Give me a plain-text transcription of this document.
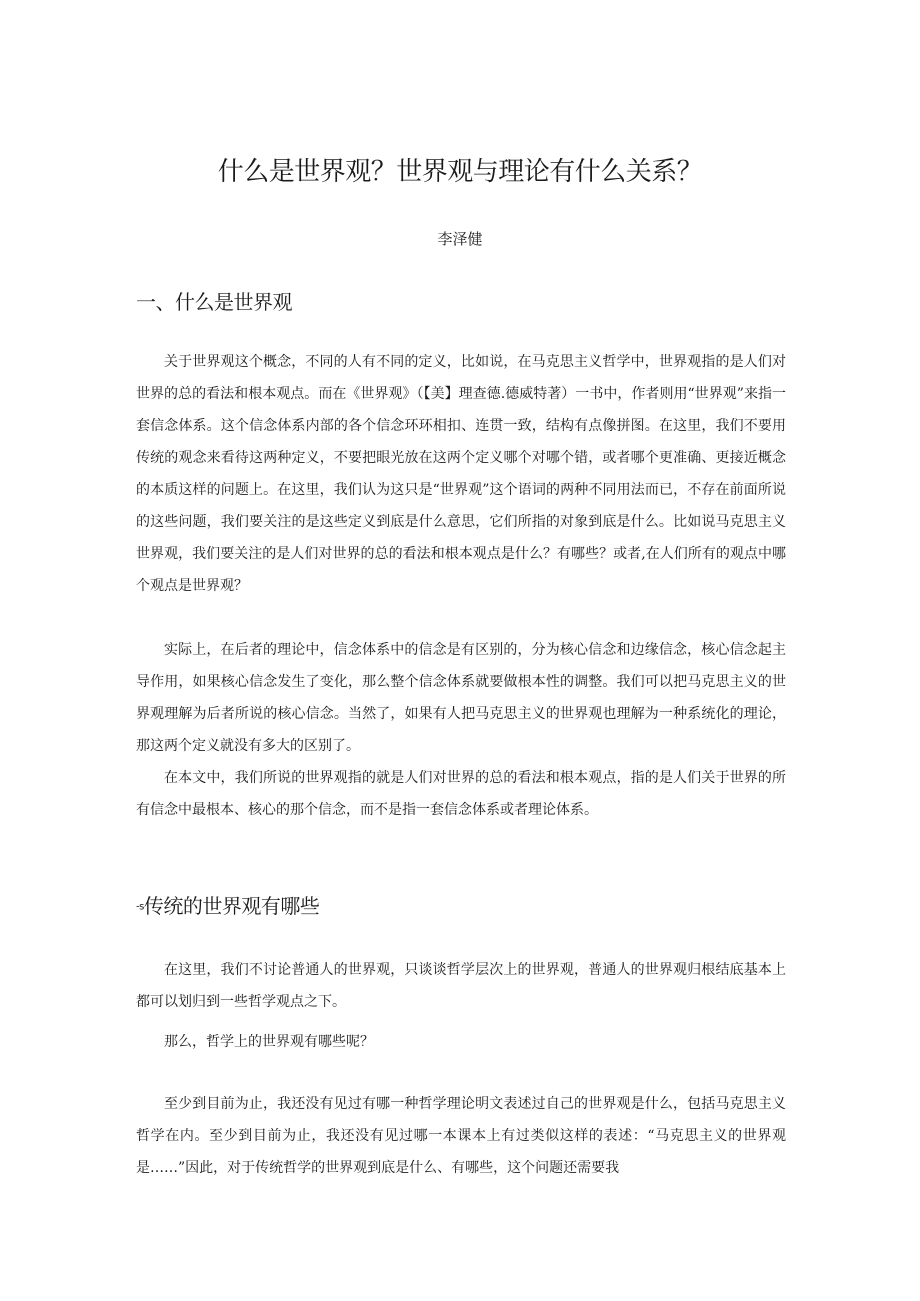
什么是世界观？世界观与理论有什么关系？
李泽健
一、什么是世界观
关于世界观这个概念，不同的人有不同的定义，比如说，在马克思主义哲学中，世界观指的是人们对世界的总的看法和根本观点。而在《世界观》（【美】理查德.德威特著）一书中，作者则用“世界观”来指一套信念体系。这个信念体系内部的各个信念环环相扣、连贯一致，结构有点像拼图。在这里，我们不要用传统的观念来看待这两种定义，不要把眼光放在这两个定义哪个对哪个错，或者哪个更准确、更接近概念的本质这样的问题上。在这里，我们认为这只是“世界观”这个语词的两种不同用法而已，不存在前面所说的这些问题，我们要关注的是这些定义到底是什么意思，它们所指的对象到底是什么。比如说马克思主义世界观，我们要关注的是人们对世界的总的看法和根本观点是什么？有哪些？或者,在人们所有的观点中哪个观点是世界观？
实际上，在后者的理论中，信念体系中的信念是有区别的，分为核心信念和边缘信念，核心信念起主导作用，如果核心信念发生了变化，那么整个信念体系就要做根本性的调整。我们可以把马克思主义的世界观理解为后者所说的核心信念。当然了，如果有人把马克思主义的世界观也理解为一种系统化的理论，那这两个定义就没有多大的区别了。
在本文中，我们所说的世界观指的就是人们对世界的总的看法和根本观点，指的是人们关于世界的所有信念中最根本、核心的那个信念，而不是指一套信念体系或者理论体系。
-s传统的世界观有哪些
在这里，我们不讨论普通人的世界观，只谈谈哲学层次上的世界观，普通人的世界观归根结底基本上都可以划归到一些哲学观点之下。
那么，哲学上的世界观有哪些呢？
至少到目前为止，我还没有见过有哪一种哲学理论明文表述过自己的世界观是什么，包括马克思主义哲学在内。至少到目前为止，我还没有见过哪一本课本上有过类似这样的表述：“马克思主义的世界观是……”因此，对于传统哲学的世界观到底是什么、有哪些，这个问题还需要我
